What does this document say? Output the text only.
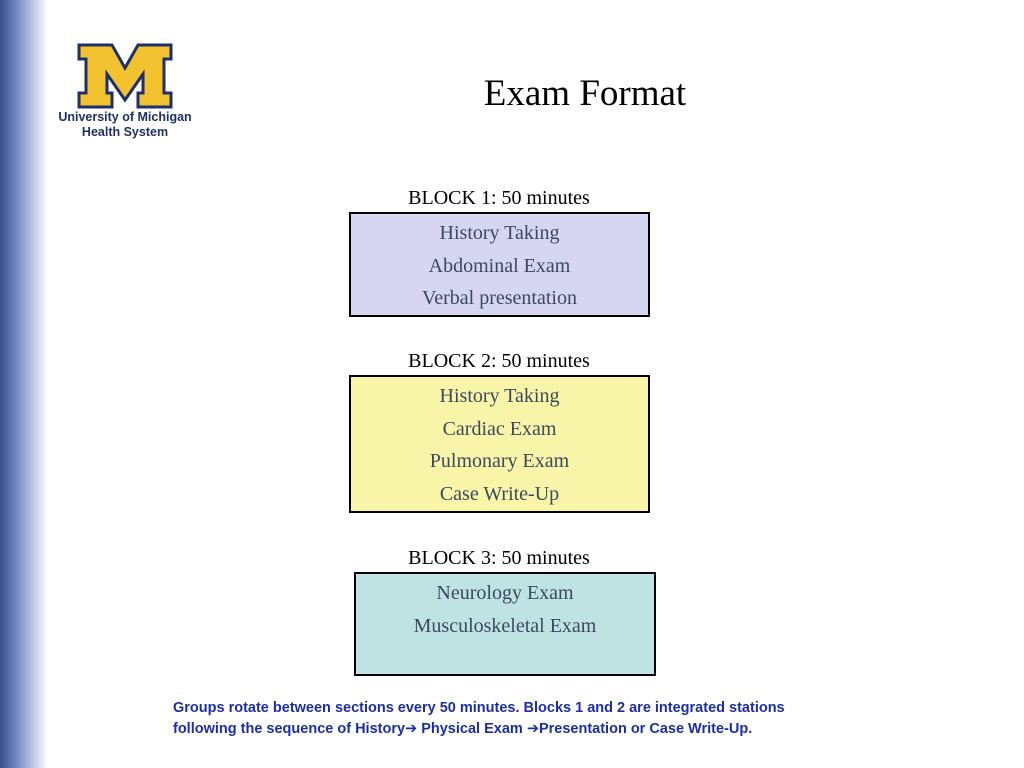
University of Michigan
Health System
Exam Format
BLOCK 1: 50 minutes
History Taking
Abdominal Exam
Verbal presentation
BLOCK 2: 50 minutes
History Taking
Cardiac Exam
Pulmonary Exam
Case Write-Up
BLOCK 3: 50 minutes
Neurology Exam
Musculoskeletal Exam
Groups rotate between sections every 50 minutes. Blocks 1 and 2 are integrated stations
following the sequence of History➔ Physical Exam ➔Presentation or Case Write-Up.
